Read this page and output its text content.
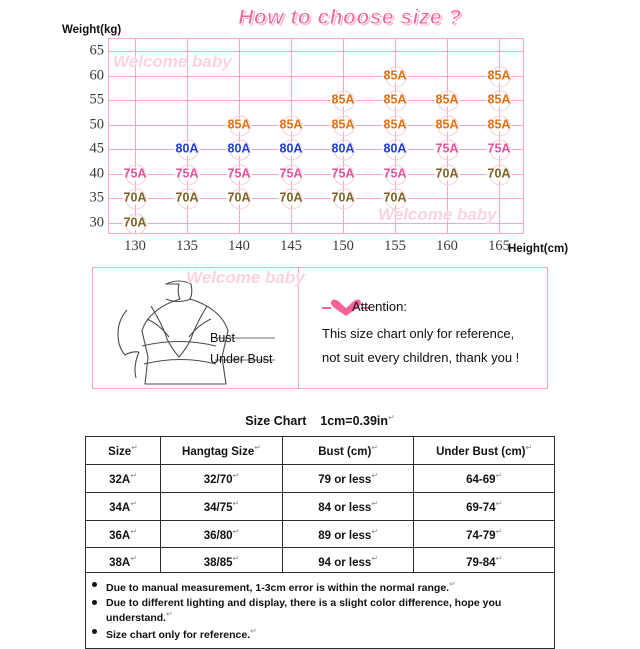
How to choose size ?
Weight(kg)
Height(cm)
65
60
55
50
45
40
35
30
130 135 140 145 150 155 160 165
85A	85A
85A 85A 85A 85A
85A 85A 85A 85A 85A 85A
80A 80A 80A 80A 80A 75A 75A
75A 75A 75A 75A 75A 75A 70A 70A
70A 70A 70A 70A 70A 70A
70A
Bust
Under Bust
Attention:
This size chart only for reference,
not suit every children, thank you !
Size Chart    1cm=0.39in↵
Size↵	Hangtag Size↵	Bust (cm)↵	Under Bust (cm)↵
32A↵	32/70↵	79 or less↵	64-69↵
34A↵	34/75↵	84 or less↵	69-74↵
36A↵	36/80↵	89 or less↵	74-79↵
38A↵	38/85↵	94 or less↵	79-84↵
Due to manual measurement, 1-3cm error is within the normal range.↵
Due to different lighting and display, there is a slight color difference, hope you understand.↵
Size chart only for reference.↵
Welcome baby
Welcome baby
Welcome baby
